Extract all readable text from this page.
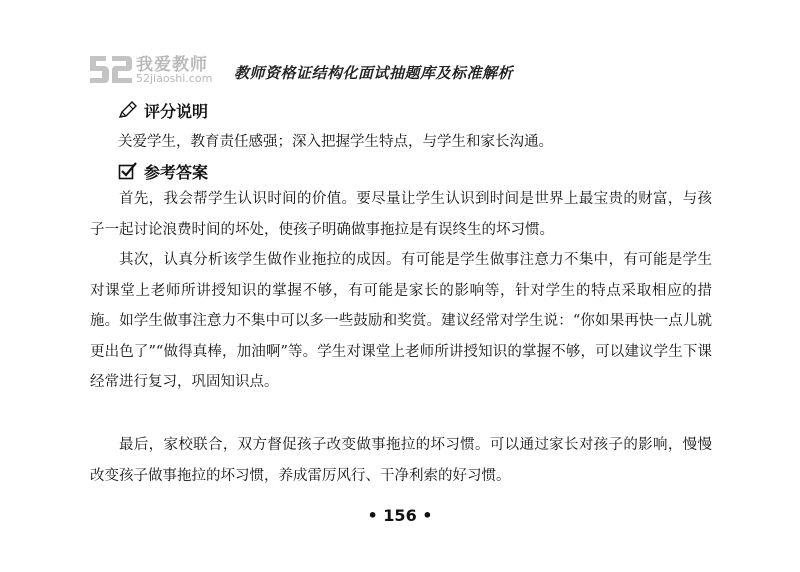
我爱教师
52jiaoshi.com 教师资格证结构化面试抽题库及标准解析
评分说明

关爱学生，教育责任感强；深入把握学生特点，与学生和家长沟通。

参考答案

首先，我会帮学生认识时间的价值。要尽量让学生认识到时间是世界上最宝贵的财富，与孩子一起讨论浪费时间的坏处，使孩子明确做事拖拉是有误终生的坏习惯。

其次，认真分析该学生做作业拖拉的成因。有可能是学生做事注意力不集中，有可能是学生对课堂上老师所讲授知识的掌握不够，有可能是家长的影响等，针对学生的特点采取相应的措施。如学生做事注意力不集中可以多一些鼓励和奖赏。建议经常对学生说：“你如果再快一点儿就更出色了”“做得真棒，加油啊”等。学生对课堂上老师所讲授知识的掌握不够，可以建议学生下课经常进行复习，巩固知识点。

最后，家校联合，双方督促孩子改变做事拖拉的坏习惯。可以通过家长对孩子的影响，慢慢改变孩子做事拖拉的坏习惯，养成雷厉风行、干净利索的好习惯。

• 156 •
